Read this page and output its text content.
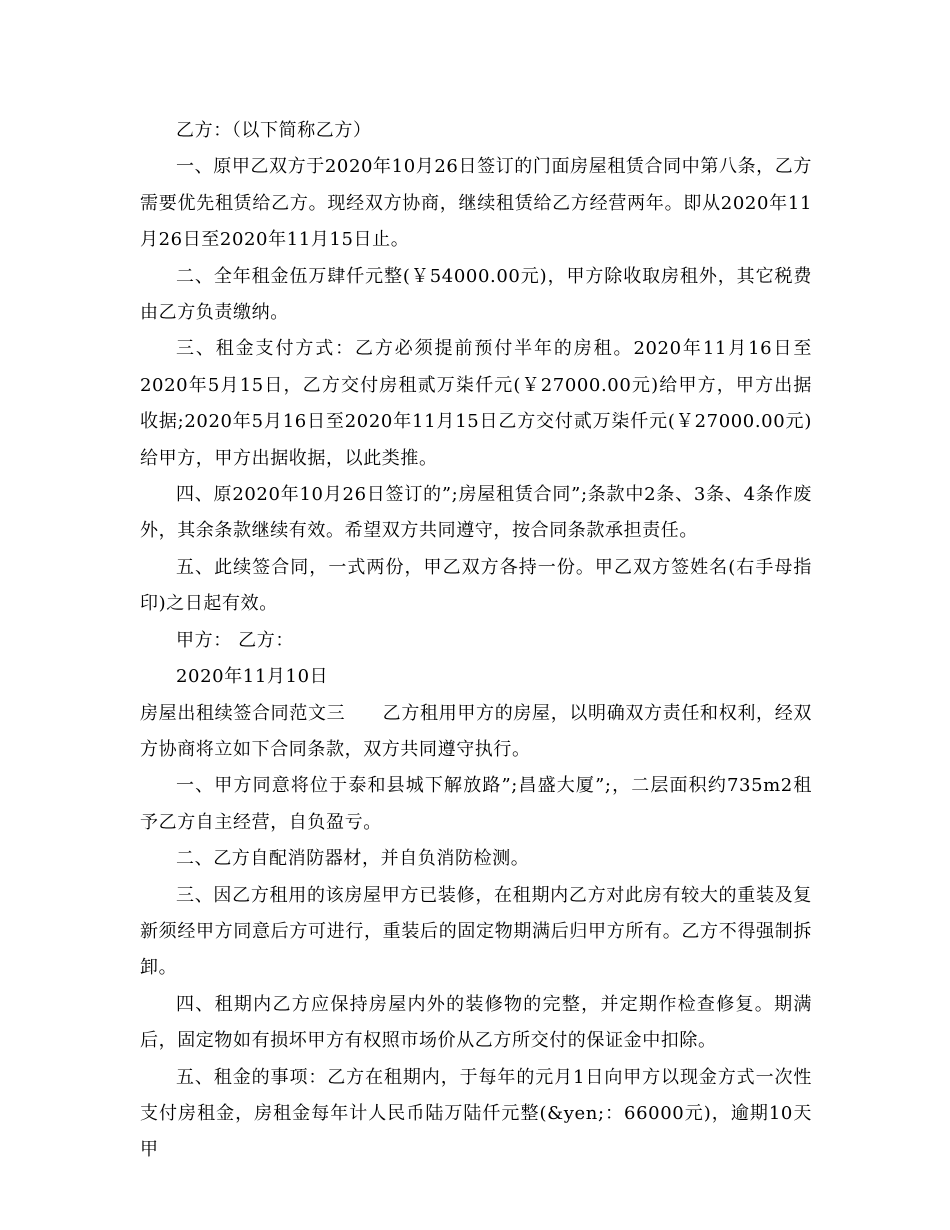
乙方：（以下简称乙方）

一、原甲乙双方于2020年10月26日签订的门面房屋租赁合同中第八条，乙方需要优先租赁给乙方。现经双方协商，继续租赁给乙方经营两年。即从2020年11月26日至2020年11月15日止。

二、全年租金伍万肆仟元整(￥54000.00元)，甲方除收取房租外，其它税费由乙方负责缴纳。

三、租金支付方式：乙方必须提前预付半年的房租。2020年11月16日至2020年5月15日，乙方交付房租贰万柒仟元(￥27000.00元)给甲方，甲方出据收据;2020年5月16日至2020年11月15日乙方交付贰万柒仟元(￥27000.00元)给甲方，甲方出据收据，以此类推。

四、原2020年10月26日签订的”;房屋租赁合同”;条款中2条、3条、4条作废外，其余条款继续有效。希望双方共同遵守，按合同条款承担责任。

五、此续签合同，一式两份，甲乙双方各持一份。甲乙双方签姓名(右手母指印)之日起有效。

甲方： 乙方：

2020年11月10日

房屋出租续签合同范文三　　乙方租用甲方的房屋，以明确双方责任和权利，经双方协商将立如下合同条款，双方共同遵守执行。

一、甲方同意将位于泰和县城下解放路”;昌盛大厦”;，二层面积约735m2租予乙方自主经营，自负盈亏。

二、乙方自配消防器材，并自负消防检测。

三、因乙方租用的该房屋甲方已装修，在租期内乙方对此房有较大的重装及复新须经甲方同意后方可进行，重装后的固定物期满后归甲方所有。乙方不得强制拆卸。

四、租期内乙方应保持房屋内外的装修物的完整，并定期作检查修复。期满后，固定物如有损坏甲方有权照市场价从乙方所交付的保证金中扣除。

五、租金的事项：乙方在租期内，于每年的元月1日向甲方以现金方式一次性支付房租金，房租金每年计人民币陆万陆仟元整(&yen;：66000元)，逾期10天甲
